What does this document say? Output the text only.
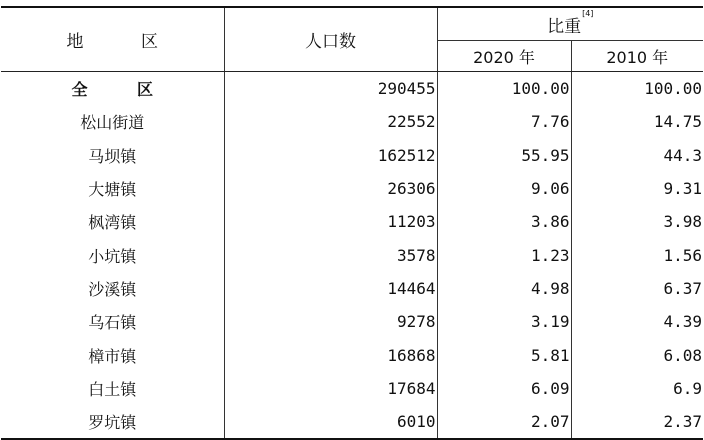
地 区	人口数	比重[4]
		2020 年	2010 年
全 区	290455	100.00	100.00
松山街道	22552	7.76	14.75
马坝镇	162512	55.95	44.3
大塘镇	26306	9.06	9.31
枫湾镇	11203	3.86	3.98
小坑镇	3578	1.23	1.56
沙溪镇	14464	4.98	6.37
乌石镇	9278	3.19	4.39
樟市镇	16868	5.81	6.08
白土镇	17684	6.09	6.9
罗坑镇	6010	2.07	2.37
